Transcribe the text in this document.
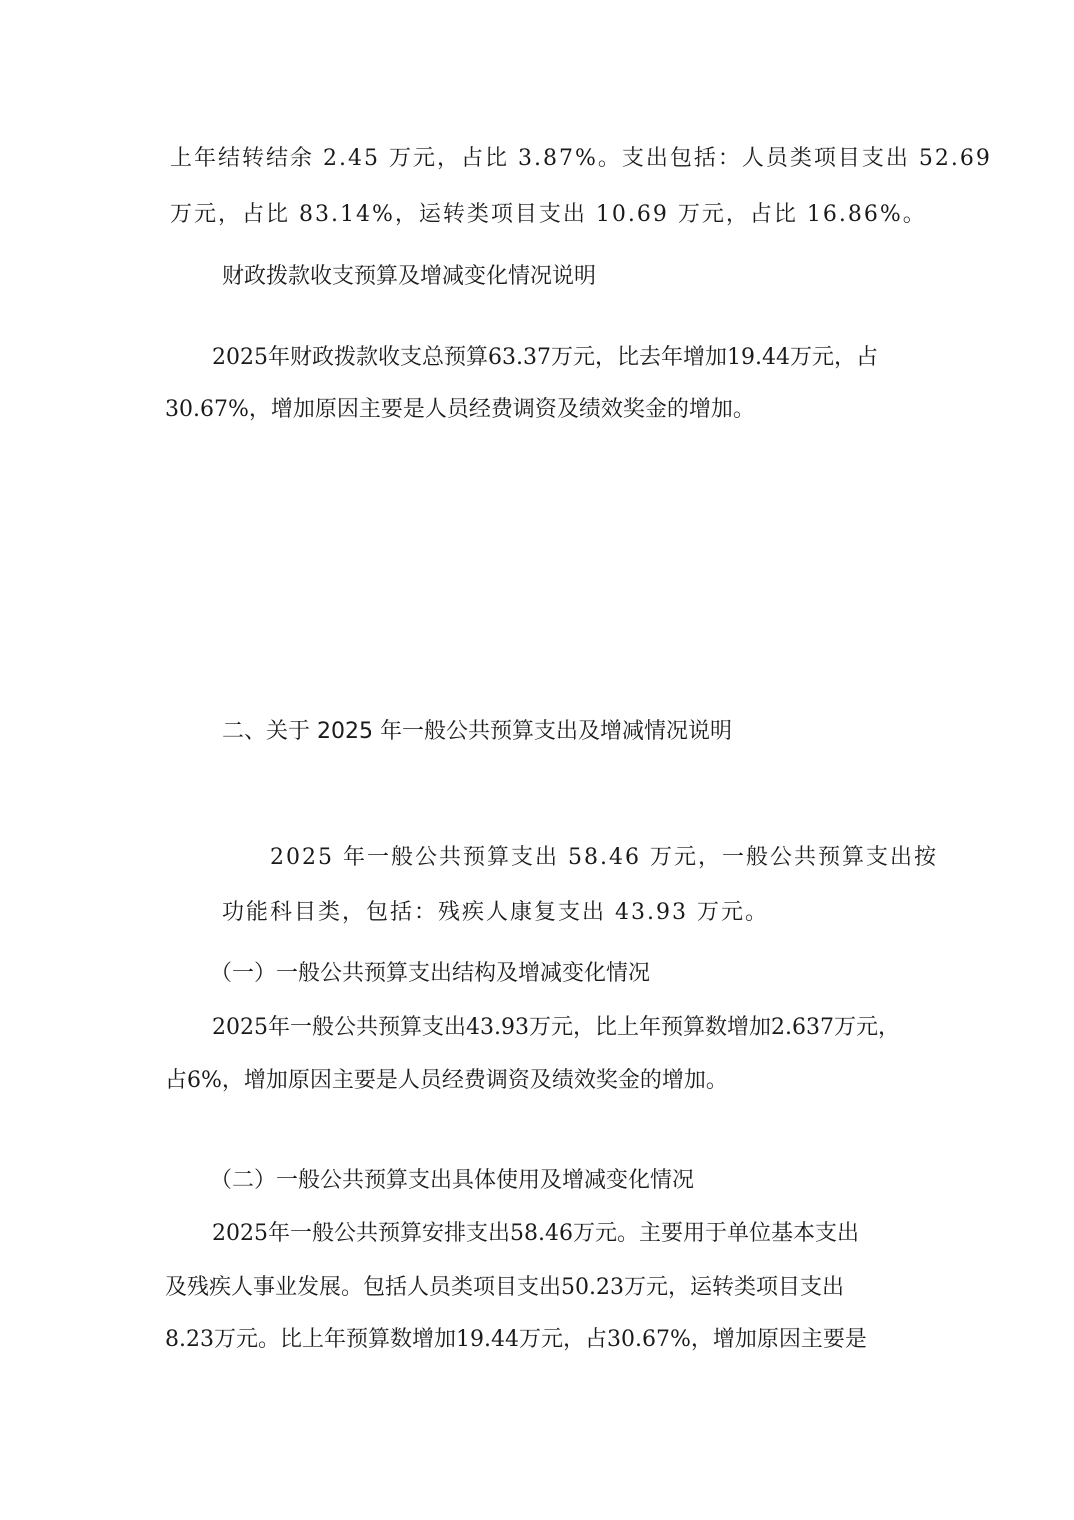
上年结转结余 2.45 万元，占比 3.87%。支出包括：人员类项目支出 52.69
万元，占比 83.14%，运转类项目支出 10.69 万元，占比 16.86%。
财政拨款收支预算及增减变化情况说明
2025年财政拨款收支总预算63.37万元，比去年增加19.44万元，占
30.67%，增加原因主要是人员经费调资及绩效奖金的增加。
二、关于 2025 年一般公共预算支出及增减情况说明
2025 年一般公共预算支出 58.46 万元，一般公共预算支出按
功能科目类，包括：残疾人康复支出 43.93 万元。
（一）一般公共预算支出结构及增减变化情况
2025年一般公共预算支出43.93万元，比上年预算数增加2.637万元，
占6%，增加原因主要是人员经费调资及绩效奖金的增加。
（二）一般公共预算支出具体使用及增减变化情况
2025年一般公共预算安排支出58.46万元。主要用于单位基本支出
及残疾人事业发展。包括人员类项目支出50.23万元，运转类项目支出
8.23万元。比上年预算数增加19.44万元，占30.67%，增加原因主要是
